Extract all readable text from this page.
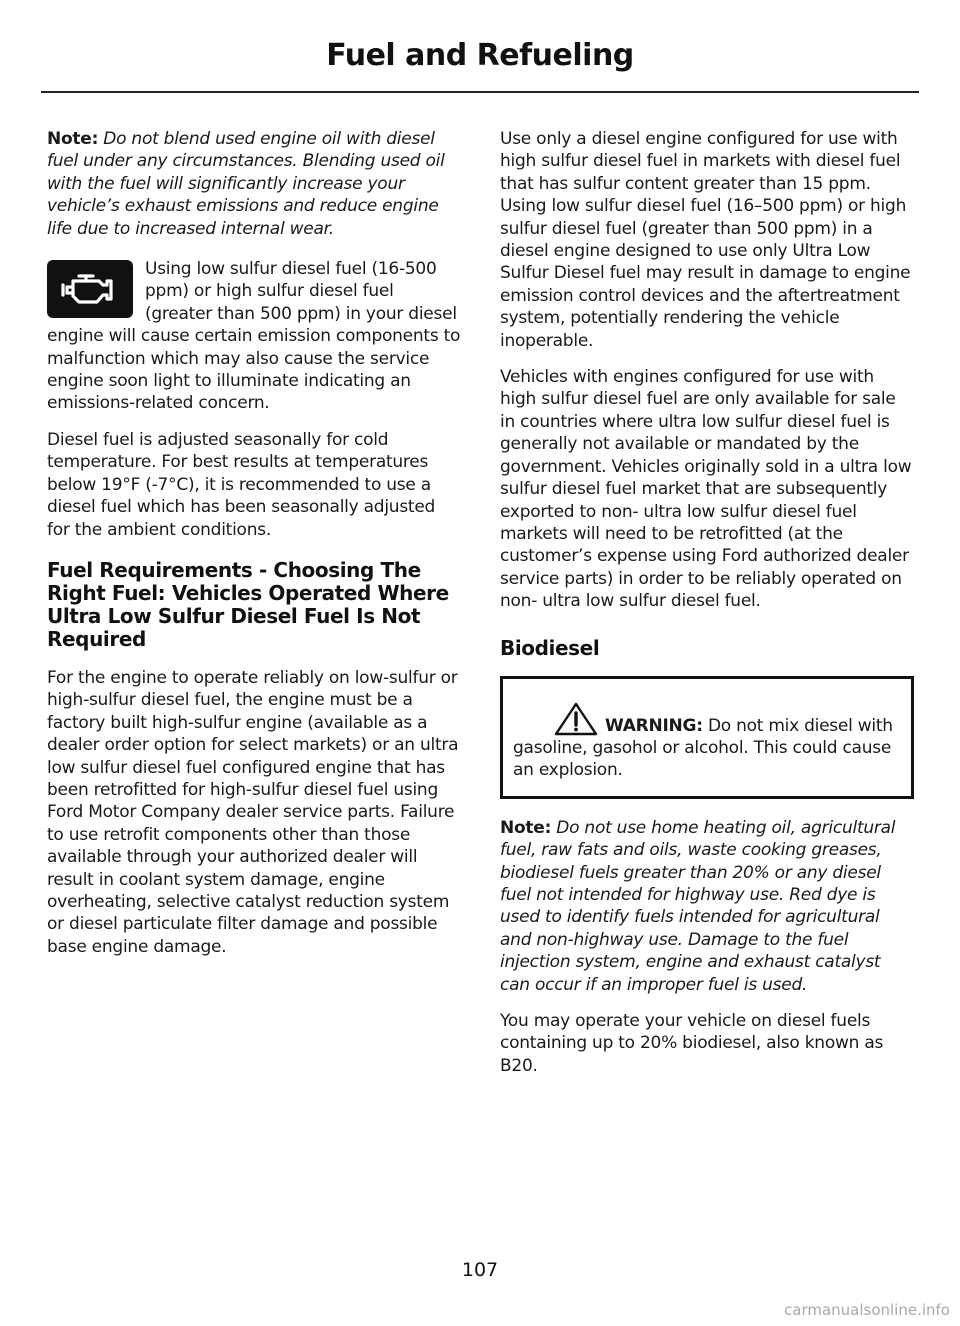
Fuel and Refueling

Note: Do not blend used engine oil with diesel fuel under any circumstances. Blending used oil with the fuel will significantly increase your vehicle’s exhaust emissions and reduce engine life due to increased internal wear.

Using low sulfur diesel fuel (16-500 ppm) or high sulfur diesel fuel (greater than 500 ppm) in your diesel engine will cause certain emission components to malfunction which may also cause the service engine soon light to illuminate indicating an emissions-related concern.

Diesel fuel is adjusted seasonally for cold temperature. For best results at temperatures below 19°F (-7°C), it is recommended to use a diesel fuel which has been seasonally adjusted for the ambient conditions.

Fuel Requirements - Choosing The Right Fuel: Vehicles Operated Where Ultra Low Sulfur Diesel Fuel Is Not Required

For the engine to operate reliably on low-sulfur or high-sulfur diesel fuel, the engine must be a factory built high-sulfur engine (available as a dealer order option for select markets) or an ultra low sulfur diesel fuel configured engine that has been retrofitted for high-sulfur diesel fuel using Ford Motor Company dealer service parts. Failure to use retrofit components other than those available through your authorized dealer will result in coolant system damage, engine overheating, selective catalyst reduction system or diesel particulate filter damage and possible base engine damage.

Use only a diesel engine configured for use with high sulfur diesel fuel in markets with diesel fuel that has sulfur content greater than 15 ppm. Using low sulfur diesel fuel (16–500 ppm) or high sulfur diesel fuel (greater than 500 ppm) in a diesel engine designed to use only Ultra Low Sulfur Diesel fuel may result in damage to engine emission control devices and the aftertreatment system, potentially rendering the vehicle inoperable.

Vehicles with engines configured for use with high sulfur diesel fuel are only available for sale in countries where ultra low sulfur diesel fuel is generally not available or mandated by the government. Vehicles originally sold in a ultra low sulfur diesel fuel market that are subsequently exported to non- ultra low sulfur diesel fuel markets will need to be retrofitted (at the customer’s expense using Ford authorized dealer service parts) in order to be reliably operated on non- ultra low sulfur diesel fuel.

Biodiesel

WARNING: Do not mix diesel with gasoline, gasohol or alcohol. This could cause an explosion.

Note: Do not use home heating oil, agricultural fuel, raw fats and oils, waste cooking greases, biodiesel fuels greater than 20% or any diesel fuel not intended for highway use. Red dye is used to identify fuels intended for agricultural and non-highway use. Damage to the fuel injection system, engine and exhaust catalyst can occur if an improper fuel is used.

You may operate your vehicle on diesel fuels containing up to 20% biodiesel, also known as B20.

107
carmanualsonline.info
